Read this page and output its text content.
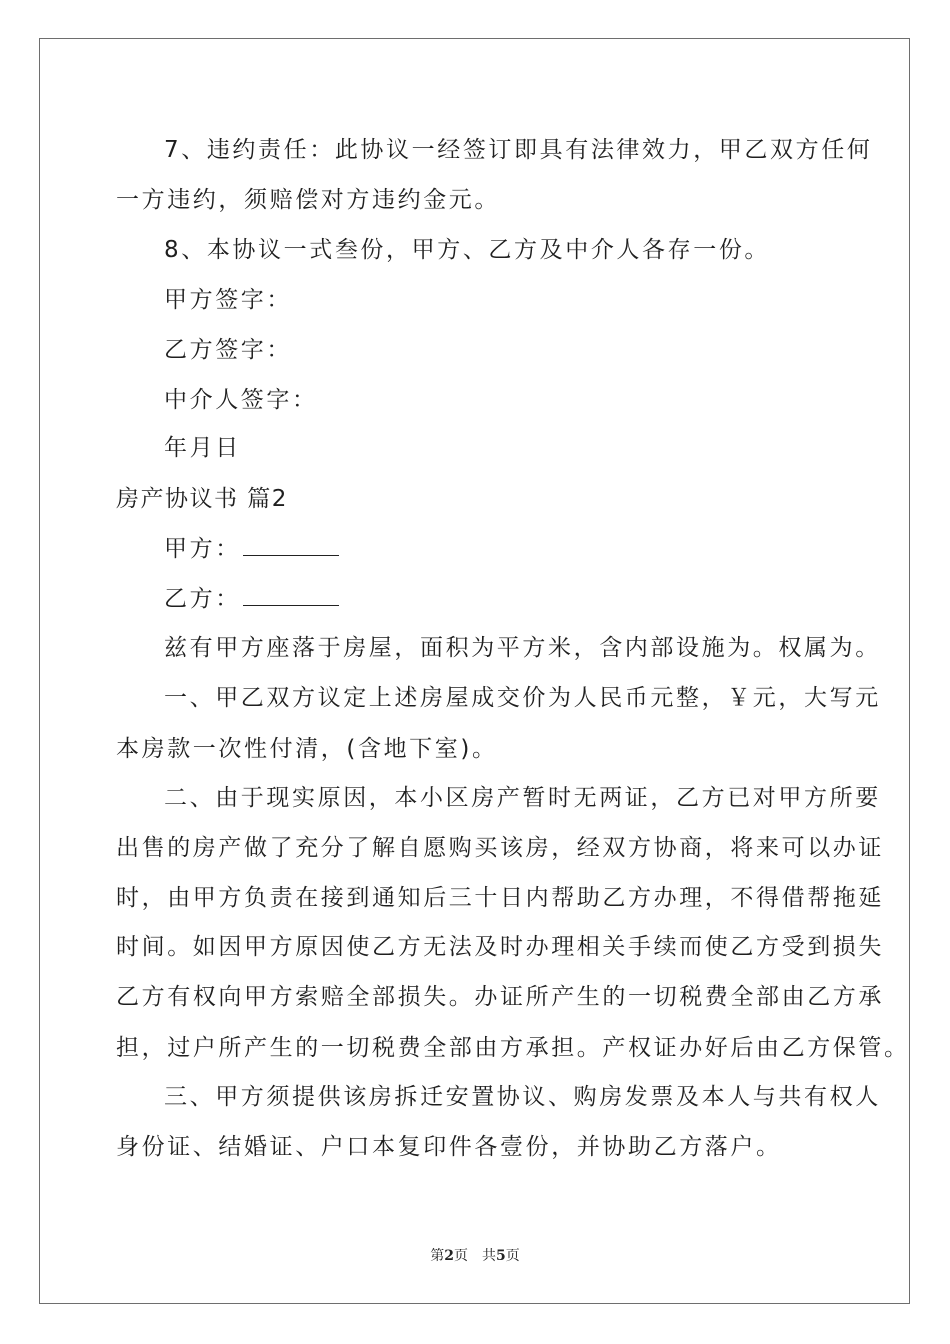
7、违约责任：此协议一经签订即具有法律效力，甲乙双方任何

一方违约，须赔偿对方违约金元。

8、本协议一式叁份，甲方、乙方及中介人各存一份。

甲方签字：

乙方签字：

中介人签字：

年月日

房产协议书 篇2

甲方：

乙方：

兹有甲方座落于房屋，面积为平方米，含内部设施为。权属为。

一、甲乙双方议定上述房屋成交价为人民币元整，￥元，大写元

本房款一次性付清，(含地下室)。

二、由于现实原因，本小区房产暂时无两证，乙方已对甲方所要

出售的房产做了充分了解自愿购买该房，经双方协商，将来可以办证

时，由甲方负责在接到通知后三十日内帮助乙方办理，不得借帮拖延

时间。如因甲方原因使乙方无法及时办理相关手续而使乙方受到损失

乙方有权向甲方索赔全部损失。办证所产生的一切税费全部由乙方承

担，过户所产生的一切税费全部由方承担。产权证办好后由乙方保管。

三、甲方须提供该房拆迁安置协议、购房发票及本人与共有权人

身份证、结婚证、户口本复印件各壹份，并协助乙方落户。

第2页 共5页
